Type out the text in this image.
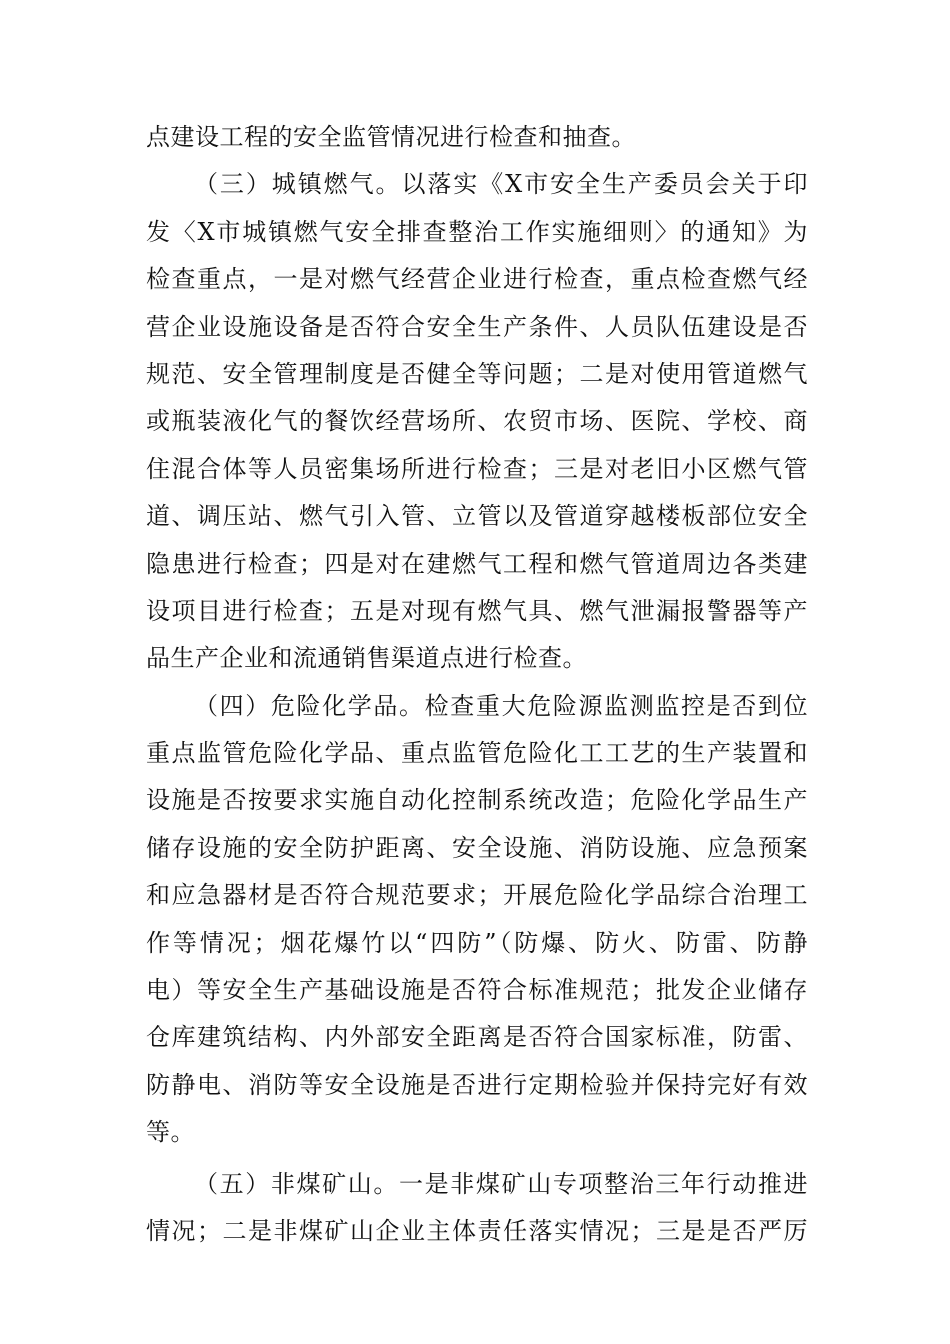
点建设工程的安全监管情况进行检查和抽查。
（三）城镇燃气。以落实《X市安全生产委员会关于印
发〈X市城镇燃气安全排查整治工作实施细则〉的通知》为
检查重点，一是对燃气经营企业进行检查，重点检查燃气经
营企业设施设备是否符合安全生产条件、人员队伍建设是否
规范、安全管理制度是否健全等问题；二是对使用管道燃气
或瓶装液化气的餐饮经营场所、农贸市场、医院、学校、商
住混合体等人员密集场所进行检查；三是对老旧小区燃气管
道、调压站、燃气引入管、立管以及管道穿越楼板部位安全
隐患进行检查；四是对在建燃气工程和燃气管道周边各类建
设项目进行检查；五是对现有燃气具、燃气泄漏报警器等产
品生产企业和流通销售渠道点进行检查。
（四）危险化学品。检查重大危险源监测监控是否到位
重点监管危险化学品、重点监管危险化工工艺的生产装置和
设施是否按要求实施自动化控制系统改造；危险化学品生产
储存设施的安全防护距离、安全设施、消防设施、应急预案
和应急器材是否符合规范要求；开展危险化学品综合治理工
作等情况；烟花爆竹以“四防”（防爆、防火、防雷、防静
电）等安全生产基础设施是否符合标准规范；批发企业储存
仓库建筑结构、内外部安全距离是否符合国家标准，防雷、
防静电、消防等安全设施是否进行定期检验并保持完好有效
等。
（五）非煤矿山。一是非煤矿山专项整治三年行动推进
情况；二是非煤矿山企业主体责任落实情况；三是是否严厉
